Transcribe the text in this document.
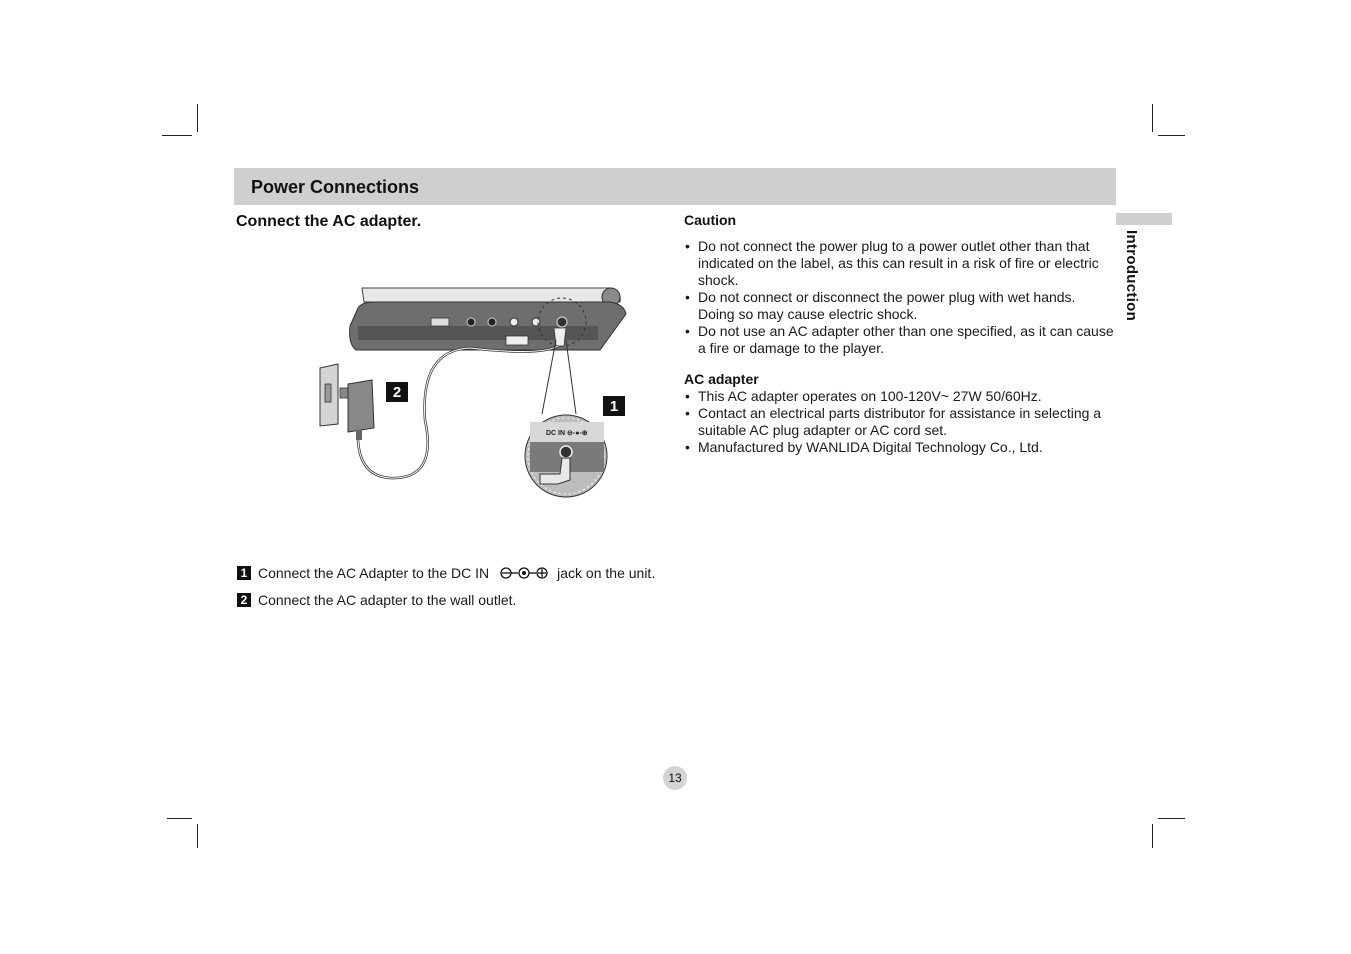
Power Connections
Introduction
Connect the AC adapter.
DC IN ⊖-●-⊕
2
1
1 Connect the AC Adapter to the DC IN	jack on the unit.
2 Connect the AC adapter to the wall outlet.
Caution
• Do not connect the power plug to a power outlet other than that indicated on the label, as this can result in a risk of fire or electric shock.
• Do not connect or disconnect the power plug with wet hands. Doing so may cause electric shock.
• Do not use an AC adapter other than one specified, as it can cause a fire or damage to the player.
AC adapter
• This AC adapter operates on 100-120V~ 27W 50/60Hz.
• Contact an electrical parts distributor for assistance in selecting a suitable AC plug adapter or AC cord set.
• Manufactured by WANLIDA Digital Technology Co., Ltd.
13
